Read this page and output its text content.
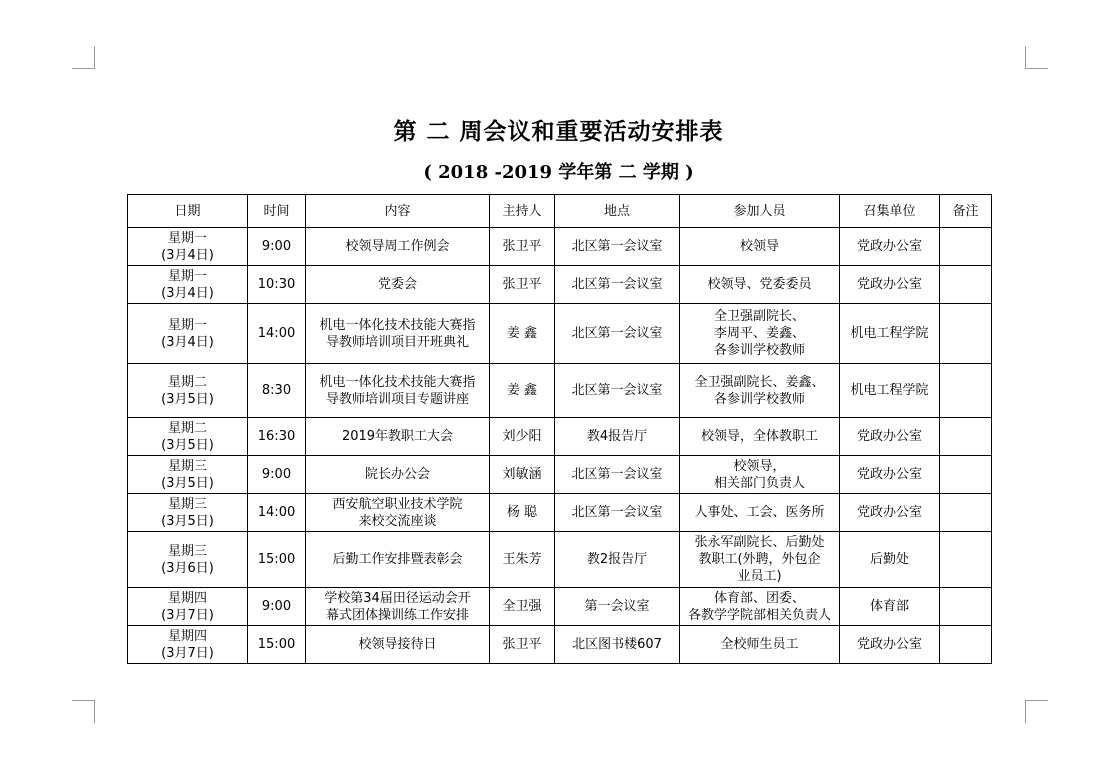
第 二 周会议和重要活动安排表
( 2018 -2019 学年第 二 学期 )
日期	时间	内容	主持人	地点	参加人员	召集单位	备注

星期一
(3月4日)	9:00	校领导周工作例会	张卫平	北区第一会议室	校领导	党政办公室	

星期一
(3月4日)	10:30	党委会	张卫平	北区第一会议室	校领导、党委委员	党政办公室	

星期一
(3月4日)	14:00	机电一体化技术技能大赛指
导教师培训项目开班典礼	姜 鑫	北区第一会议室	全卫强副院长、
李周平、姜鑫、
各参训学校教师	机电工程学院	

星期二
(3月5日)	8:30	机电一体化技术技能大赛指
导教师培训项目专题讲座	姜 鑫	北区第一会议室	全卫强副院长、姜鑫、
各参训学校教师	机电工程学院	

星期二
(3月5日)	16:30	2019年教职工大会	刘少阳	教4报告厅	校领导，全体教职工	党政办公室	

星期三
(3月5日)	9:00	院长办公会	刘敏涵	北区第一会议室	校领导，
相关部门负责人	党政办公室	

星期三
(3月5日)	14:00	西安航空职业技术学院
来校交流座谈	杨 聪	北区第一会议室	人事处、工会、医务所	党政办公室	

星期三
(3月6日)	15:00	后勤工作安排暨表彰会	王朱芳	教2报告厅	张永军副院长、后勤处
教职工(外聘，外包企
业员工)	后勤处	

星期四
(3月7日)	9:00	学校第34届田径运动会开
幕式团体操训练工作安排	全卫强	第一会议室	体育部、团委、
各教学学院部相关负责人	体育部	

星期四
(3月7日)	15:00	校领导接待日	张卫平	北区图书楼607	全校师生员工	党政办公室	
